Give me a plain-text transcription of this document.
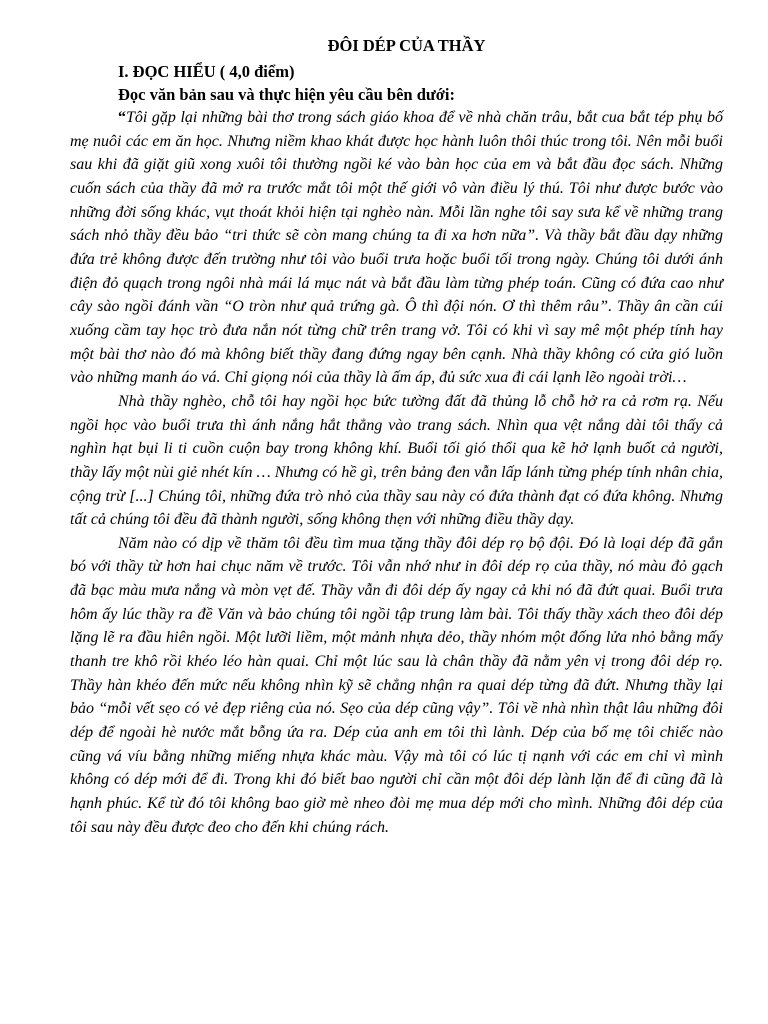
ĐÔI DÉP CỦA THẦY
I. ĐỌC HIỂU ( 4,0 điểm)
Đọc văn bản sau và thực hiện yêu cầu bên dưới:

“Tôi gặp lại những bài thơ trong sách giáo khoa để về nhà chăn trâu, bắt cua bắt tép phụ bố mẹ nuôi các em ăn học. Nhưng niềm khao khát được học hành luôn thôi thúc trong tôi. Nên mỗi buổi sau khi đã giặt giũ xong xuôi tôi thường ngồi ké vào bàn học của em và bắt đầu đọc sách. Những cuốn sách của thầy đã mở ra trước mắt tôi một thế giới vô vàn điều lý thú. Tôi như được bước vào những đời sống khác, vụt thoát khỏi hiện tại nghèo nàn. Mỗi lần nghe tôi say sưa kể về những trang sách nhỏ thầy đều bảo “tri thức sẽ còn mang chúng ta đi xa hơn nữa”. Và thầy bắt đầu dạy những đứa trẻ không được đến trường như tôi vào buổi trưa hoặc buổi tối trong ngày. Chúng tôi dưới ánh điện đỏ quạch trong ngôi nhà mái lá mục nát và bắt đầu làm từng phép toán. Cũng có đứa cao như cây sào ngồi đánh vần “O tròn như quả trứng gà. Ô thì đội nón. Ơ thì thêm râu”. Thầy ân cần cúi xuống cầm tay học trò đưa nắn nót từng chữ trên trang vở. Tôi có khi vì say mê một phép tính hay một bài thơ nào đó mà không biết thầy đang đứng ngay bên cạnh. Nhà thầy không có cửa gió luồn vào những manh áo vá. Chỉ giọng nói của thầy là ấm áp, đủ sức xua đi cái lạnh lẽo ngoài trời…

Nhà thầy nghèo, chỗ tôi hay ngồi học bức tường đất đã thủng lỗ chỗ hở ra cả rơm rạ. Nếu ngồi học vào buổi trưa thì ánh nắng hắt thẳng vào trang sách. Nhìn qua vệt nắng dài tôi thấy cả nghìn hạt bụi li ti cuồn cuộn bay trong không khí. Buổi tối gió thổi qua kẽ hở lạnh buốt cả người, thầy lấy một nùi giẻ nhét kín … Nhưng có hề gì, trên bảng đen vẫn lấp lánh từng phép tính nhân chia, cộng trừ [...] Chúng tôi, những đứa trò nhỏ của thầy sau này có đứa thành đạt có đứa không. Nhưng tất cả chúng tôi đều đã thành người, sống không thẹn với những điều thầy dạy.

Năm nào có dịp về thăm tôi đều tìm mua tặng thầy đôi dép rọ bộ đội. Đó là loại dép đã gắn bó với thầy từ hơn hai chục năm về trước. Tôi vẫn nhớ như in đôi dép rọ của thầy, nó màu đỏ gạch đã bạc màu mưa nắng và mòn vẹt đế. Thầy vẫn đi đôi dép ấy ngay cả khi nó đã đứt quai. Buổi trưa hôm ấy lúc thầy ra đề Văn và bảo chúng tôi ngồi tập trung làm bài. Tôi thấy thầy xách theo đôi dép lặng lẽ ra đầu hiên ngồi. Một lưỡi liềm, một mảnh nhựa dẻo, thầy nhóm một đống lửa nhỏ bằng mấy thanh tre khô rồi khéo léo hàn quai. Chỉ một lúc sau là chân thầy đã nằm yên vị trong đôi dép rọ. Thầy hàn khéo đến mức nếu không nhìn kỹ sẽ chẳng nhận ra quai dép từng đã đứt. Nhưng thầy lại bảo “mỗi vết sẹo có vẻ đẹp riêng của nó. Sẹo của dép cũng vậy”. Tôi về nhà nhìn thật lâu những đôi dép để ngoài hè nước mắt bỗng ứa ra. Dép của anh em tôi thì lành. Dép của bố mẹ tôi chiếc nào cũng vá víu bằng những miếng nhựa khác màu. Vậy mà tôi có lúc tị nạnh với các em chỉ vì mình không có dép mới để đi. Trong khi đó biết bao người chỉ cần một đôi dép lành lặn để đi cũng đã là hạnh phúc. Kể từ đó tôi không bao giờ mè nheo đòi mẹ mua dép mới cho mình. Những đôi dép của tôi sau này đều được đeo cho đến khi chúng rách.
